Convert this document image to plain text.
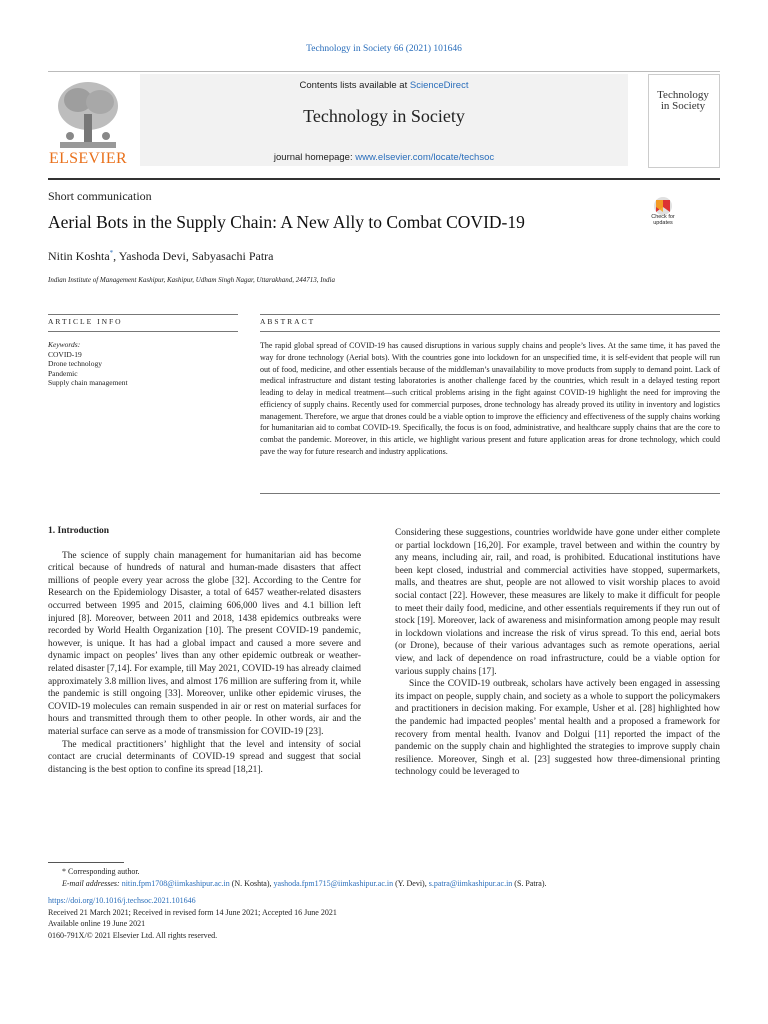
Technology in Society 66 (2021) 101646
ELSEVIER
Contents lists available at ScienceDirect
Technology in Society
journal homepage: www.elsevier.com/locate/techsoc
Technology
in Society
Short communication
Aerial Bots in the Supply Chain: A New Ally to Combat COVID-19	Check for updates
Nitin Koshta*, Yashoda Devi, Sabyasachi Patra
Indian Institute of Management Kashipur, Kashipur, Udham Singh Nagar, Uttarakhand, 244713, India
ARTICLE INFO	ABSTRACT
Keywords:
COVID-19
Drone technology
Pandemic
Supply chain management
The rapid global spread of COVID-19 has caused disruptions in various supply chains and people’s lives. At the same time, it has paved the way for drone technology (Aerial bots). With the countries gone into lockdown for an unspecified time, it is self-evident that people will run out of food, medicine, and other essentials because of the middleman’s unavailability to move products from supply to demand point. Lack of medical infrastructure and distant testing laboratories is another challenge faced by the countries, which result in a delayed testing report leading to delay in medical treatment—such critical problems arising in the fight against COVID-19 highlight the need for improving the efficiency of supply chains. Recently used for commercial purposes, drone technology has already proved its utility in inventory and logistics management. Therefore, we argue that drones could be a viable option to improve the efficiency and effectiveness of the supply chains working for humanitarian aid to combat COVID-19. Specifically, the focus is on food, administrative, and healthcare supply chains that are the core to combat the pandemic. Moreover, in this article, we highlight various present and future application areas for drone technology, which could pave the way for future research and industry applications.

1. Introduction

The science of supply chain management for humanitarian aid has become critical because of hundreds of natural and human-made disasters that affect millions of people every year across the globe [32]. According to the Centre for Research on the Epidemiology Disaster, a total of 6457 weather-related disasters occurred between 1995 and 2015, claiming 606,000 lives and 4.1 billion left injured [8]. Moreover, between 2011 and 2018, 1438 epidemics outbreaks were recorded by World Health Organization [10]. The present COVID-19 pandemic, however, is unique. It has had a global impact and caused a more severe and dynamic impact on peoples’ lives than any other epidemic outbreak or weather-related disaster [7,14]. For example, till May 2021, COVID-19 has already claimed approximately 3.8 million lives, and almost 176 million are suffering from it, while the pandemic is still ongoing [33]. Moreover, unlike other epidemic viruses, the COVID-19 molecules can remain suspended in air or rest on material surfaces for hours and transmitted through them to other people. In other words, air and the material surface can serve as a mode of transmission for COVID-19 [23].

The medical practitioners’ highlight that the level and intensity of social contact are crucial determinants of COVID-19 spread and suggest that social distancing is the best option to confine its spread [18,21].

Considering these suggestions, countries worldwide have gone under either complete or partial lockdown [16,20]. For example, travel between and within the country by any means, including air, rail, and road, is prohibited. Educational institutions have been kept closed, industrial and commercial activities have stopped, supermarkets, malls, and theatres are shut, people are not allowed to visit worship places to avoid social contact [22]. However, these measures are likely to make it difficult for people to meet their daily food, medicine, and other essentials requirements if they run out of stock [19]. Moreover, lack of awareness and misinformation among people may result in lockdown violations and increase the risk of virus spread. To this end, aerial bots (or Drone), because of their various advantages such as remote operations, aerial view, and lack of dependence on road infrastructure, could be a viable option for various supply chains [17].

Since the COVID-19 outbreak, scholars have actively been engaged in assessing its impact on people, supply chain, and society as a whole to support the policymakers and practitioners in decision making. For example, Usher et al. [28] highlighted how the pandemic had impacted peoples’ mental health and a proposed a framework for recovery from mental health. Ivanov and Dolgui [11] reported the impact of the pandemic on the supply chain and highlighted the strategies to improve supply chain resilience. Moreover, Singh et al. [23] suggested how three-dimensional printing technology could be leveraged to

* Corresponding author.
E-mail addresses: nitin.fpm1708@iimkashipur.ac.in (N. Koshta), yashoda.fpm1715@iimkashipur.ac.in (Y. Devi), s.patra@iimkashipur.ac.in (S. Patra).
https://doi.org/10.1016/j.techsoc.2021.101646
Received 21 March 2021; Received in revised form 14 June 2021; Accepted 16 June 2021
Available online 19 June 2021
0160-791X/© 2021 Elsevier Ltd. All rights reserved.
